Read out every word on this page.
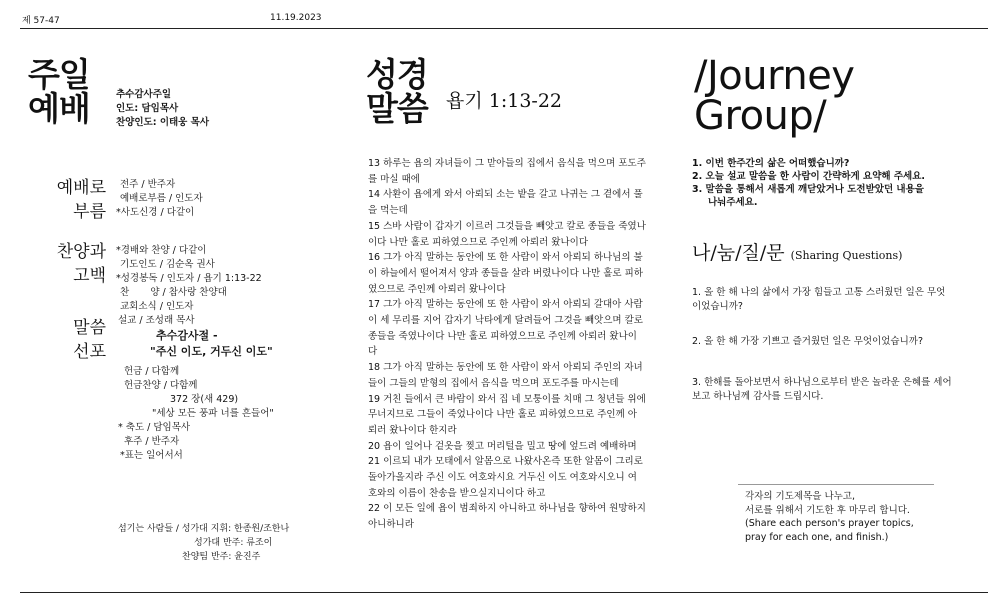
제 57-47	11.19.2023
주일
예배	추수감사주일
인도: 담임목사
찬양인도: 이태웅 목사
예배로
부름
찬양과
고백
말씀
선포
전주 / 반주자
예배로부름 / 인도자
*사도신경 / 다같이
*경배와 찬양 / 다같이
기도인도 / 김순옥 권사
*성경봉독 / 인도자 / 욥기 1:13-22
찬       양 / 참사랑 찬양대
교회소식 / 인도자
설교 / 조성래 목사
추수감사절 -
"주신 이도, 거두신 이도"
헌금 / 다함께
헌금찬양 / 다함께
372 장(새 429)
"세상 모든 풍파 너를 흔들어"
* 축도 / 담임목사
후주 / 반주자
*표는 일어서서
섬기는 사람들 / 성가대 지휘: 한종원/조한나
성가대 반주: 류조이
찬양팀 반주: 윤진주
성경
말씀 욥기 1:13-22

13 하루는 욥의 자녀들이 그 맏아들의 집에서 음식을 먹으며 포도주를 마실 때에

14 사환이 욥에게 와서 아뢰되 소는 밭을 갈고 나귀는 그 곁에서 풀을 먹는데

15 스바 사람이 갑자기 이르러 그것들을 빼앗고 칼로 종들을 죽였나이다 나만 홀로 피하였으므로 주인께 아뢰러 왔나이다

16 그가 아직 말하는 동안에 또 한 사람이 와서 아뢰되 하나님의 불이 하늘에서 떨어져서 양과 종들을 살라 버렸나이다 나만 홀로 피하였으므로 주인께 아뢰러 왔나이다

17 그가 아직 말하는 동안에 또 한 사람이 와서 아뢰되 갈대아 사람이 세 무리를 지어 갑자기 낙타에게 달려들어 그것을 빼앗으며 칼로 종들을 죽였나이다 나만 홀로 피하였으므로 주인께 아뢰러 왔나이다

18 그가 아직 말하는 동안에 또 한 사람이 와서 아뢰되 주인의 자녀들이 그들의 맏형의 집에서 음식을 먹으며 포도주를 마시는데

19 거친 들에서 큰 바람이 와서 집 네 모퉁이를 치매 그 청년들 위에 무너지므로 그들이 죽었나이다 나만 홀로 피하였으므로 주인께 아뢰러 왔나이다 한지라

20 욥이 일어나 겉옷을 찢고 머리털을 밀고 땅에 엎드려 예배하며

21 이르되 내가 모태에서 알몸으로 나왔사온즉 또한 알몸이 그리로 돌아가올지라 주신 이도 여호와시요 거두신 이도 여호와시오니 여호와의 이름이 찬송을 받으실지니이다 하고

22 이 모든 일에 욥이 범죄하지 아니하고 하나님을 향하여 원망하지 아니하니라

/Journey
Group/
1. 이번 한주간의 삶은 어떠했습니까?
2. 오늘 설교 말씀을 한 사람이 간략하게 요약해 주세요.
3. 말씀을 통해서 새롭게 깨닫았거나 도전받았던 내용을
나눠주세요.
나/눔/질/문 (Sharing Questions)
1. 올 한 해 나의 삶에서 가장 힘들고 고통 스러웠던 일은 무엇이었습니까?
2. 올 한 해 가장 기쁘고 즐거웠던 일은 무엇이었습니까?
3. 한해를 돌아보면서 하나님으로부터 받은 놀라운 은혜를 세어보고 하나님께 감사를 드립시다.
각자의 기도제목을 나누고,
서로를 위해서 기도한 후 마무리 합니다.
(Share each person's prayer topics,
pray for each one, and finish.)
